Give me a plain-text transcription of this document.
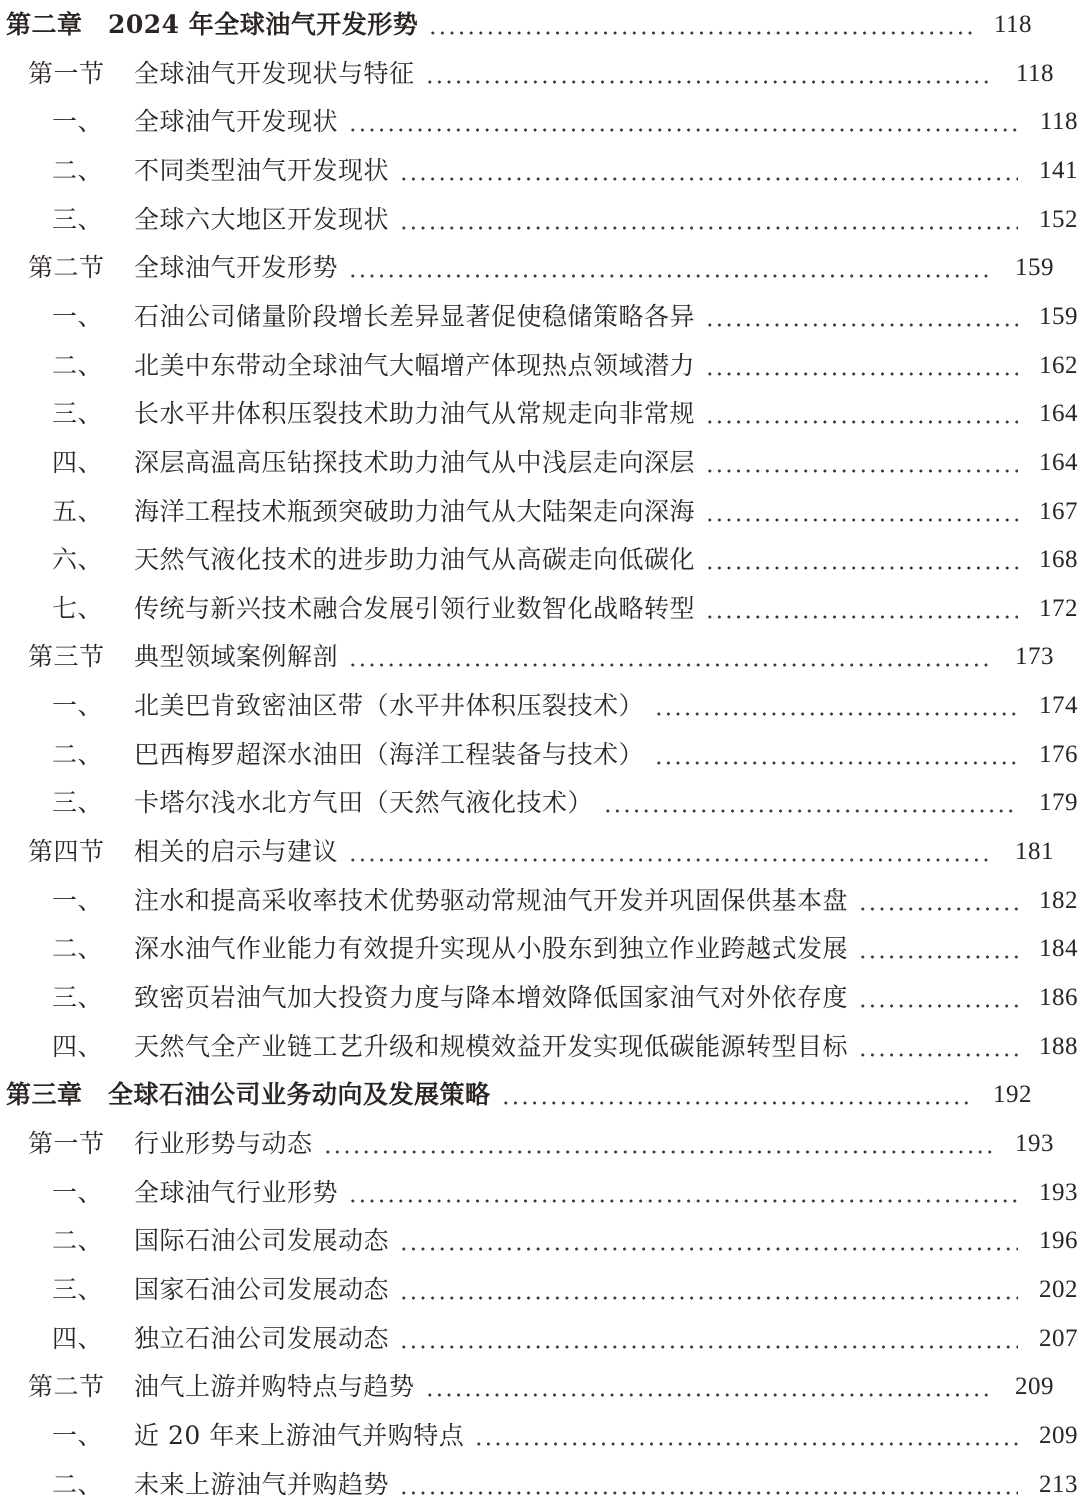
第二章 2024 年全球油气开发形势	118
第一节 全球油气开发现状与特征	118
一、 全球油气开发现状	118
二、 不同类型油气开发现状	141
三、 全球六大地区开发现状	152
第二节 全球油气开发形势	159
一、 石油公司储量阶段增长差异显著促使稳储策略各异	159
二、 北美中东带动全球油气大幅增产体现热点领域潜力	162
三、 长水平井体积压裂技术助力油气从常规走向非常规	164
四、 深层高温高压钻探技术助力油气从中浅层走向深层	164
五、 海洋工程技术瓶颈突破助力油气从大陆架走向深海	167
六、 天然气液化技术的进步助力油气从高碳走向低碳化	168
七、 传统与新兴技术融合发展引领行业数智化战略转型	172
第三节 典型领域案例解剖	173
一、 北美巴肯致密油区带（水平井体积压裂技术）	174
二、 巴西梅罗超深水油田（海洋工程装备与技术）	176
三、 卡塔尔浅水北方气田（天然气液化技术）	179
第四节 相关的启示与建议	181
一、 注水和提高采收率技术优势驱动常规油气开发并巩固保供基本盘	182
二、 深水油气作业能力有效提升实现从小股东到独立作业跨越式发展	184
三、 致密页岩油气加大投资力度与降本增效降低国家油气对外依存度	186
四、 天然气全产业链工艺升级和规模效益开发实现低碳能源转型目标	188
第三章 全球石油公司业务动向及发展策略	192
第一节 行业形势与动态	193
一、 全球油气行业形势	193
二、 国际石油公司发展动态	196
三、 国家石油公司发展动态	202
四、 独立石油公司发展动态	207
第二节 油气上游并购特点与趋势	209
一、 近 20 年来上游油气并购特点	209
二、 未来上游油气并购趋势	213
